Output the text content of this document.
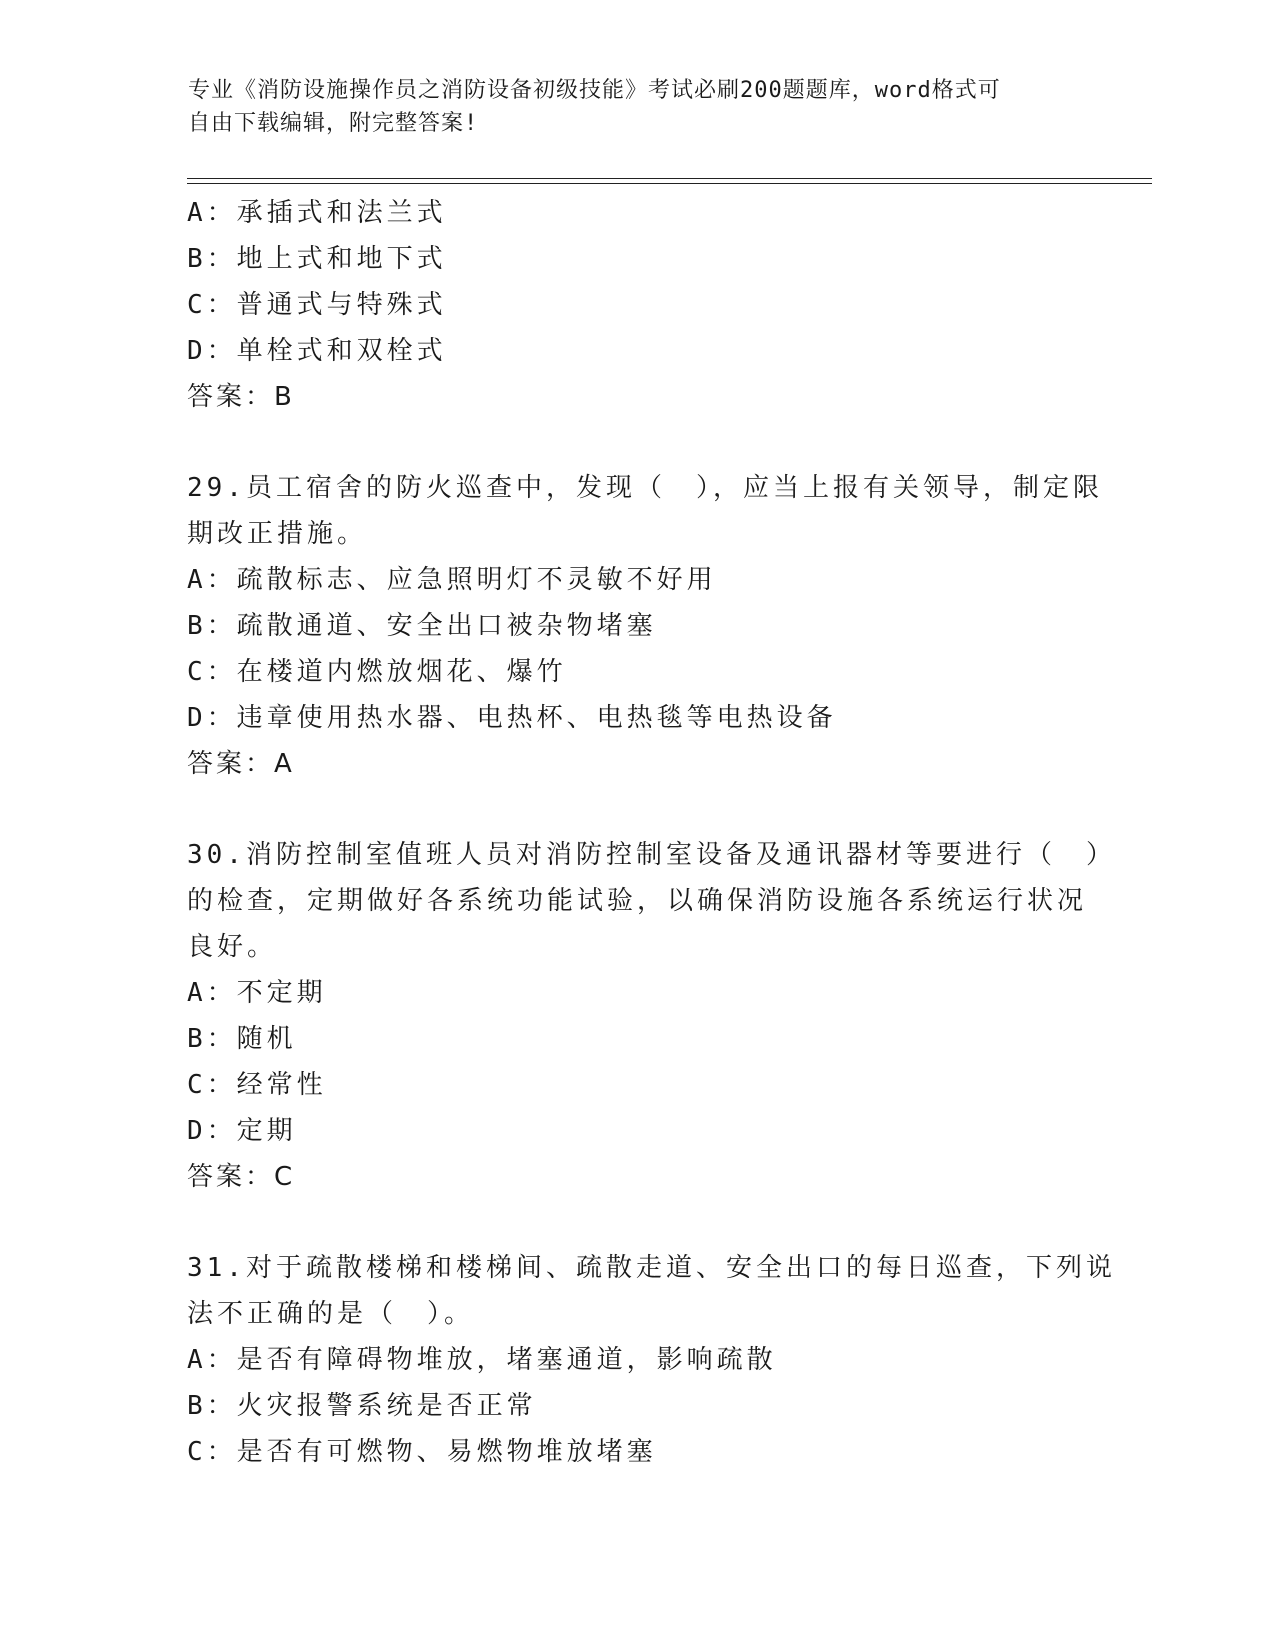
专业《消防设施操作员之消防设备初级技能》考试必刷200题题库，word格式可
自由下载编辑，附完整答案!
A：承插式和法兰式
B：地上式和地下式
C：普通式与特殊式
D：单栓式和双栓式
答案：B
29.员工宿舍的防火巡查中，发现（　），应当上报有关领导，制定限
期改正措施。
A：疏散标志、应急照明灯不灵敏不好用
B：疏散通道、安全出口被杂物堵塞
C：在楼道内燃放烟花、爆竹
D：违章使用热水器、电热杯、电热毯等电热设备
答案：A
30.消防控制室值班人员对消防控制室设备及通讯器材等要进行（　）
的检查，定期做好各系统功能试验，以确保消防设施各系统运行状况
良好。
A：不定期
B：随机
C：经常性
D：定期
答案：C
31.对于疏散楼梯和楼梯间、疏散走道、安全出口的每日巡查，下列说
法不正确的是（　）。
A：是否有障碍物堆放，堵塞通道，影响疏散
B：火灾报警系统是否正常
C：是否有可燃物、易燃物堆放堵塞
